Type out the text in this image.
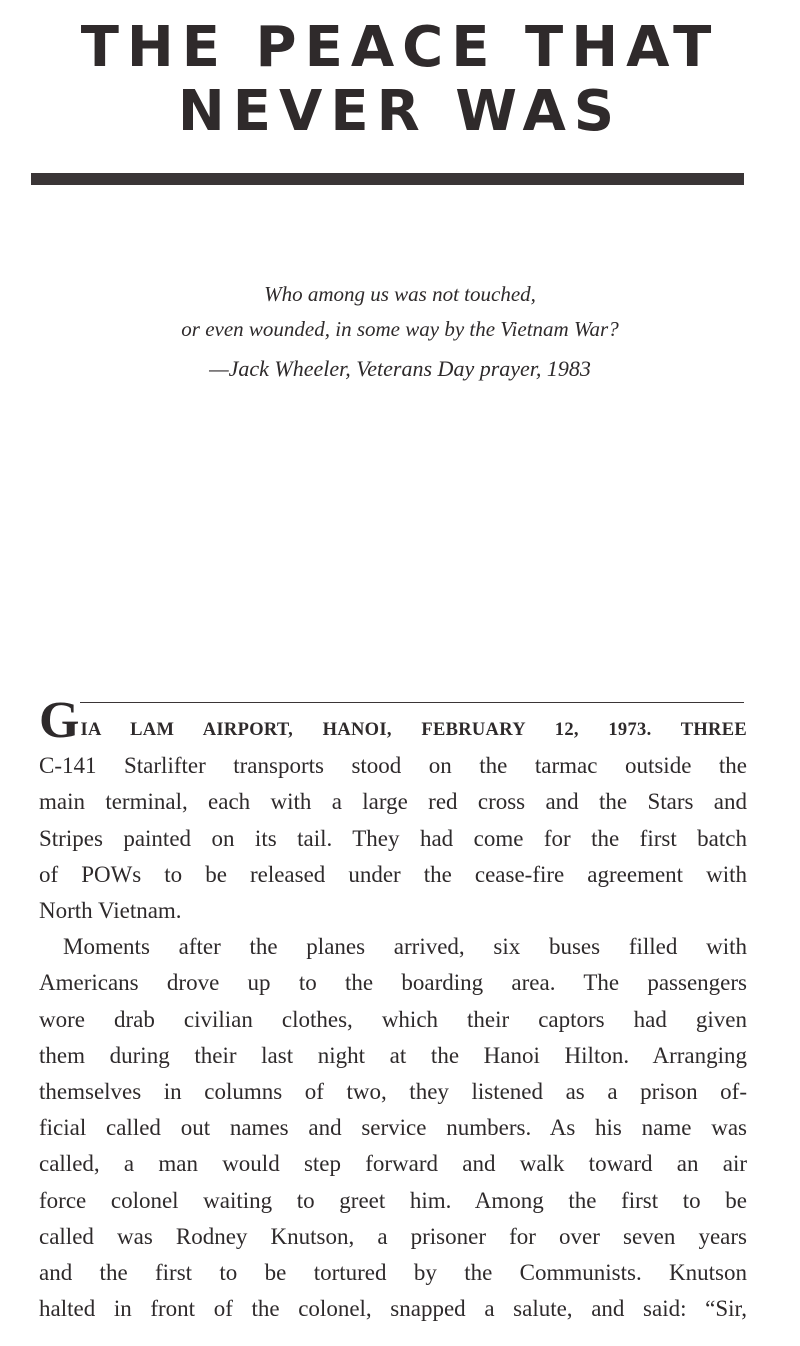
THE PEACE THAT
NEVER WAS

Who among us was not touched,

or even wounded, in some way by the Vietnam War?

—Jack Wheeler, Veterans Day prayer, 1983

GIA LAM AIRPORT, HANOI, FEBRUARY 12, 1973. THREE
C-141 Starlifter transports stood on the tarmac outside the
main terminal, each with a large red cross and the Stars and
Stripes painted on its tail. They had come for the first batch
of POWs to be released under the cease-fire agreement with
North Vietnam.
Moments after the planes arrived, six buses filled with
Americans drove up to the boarding area. The passengers
wore drab civilian clothes, which their captors had given
them during their last night at the Hanoi Hilton. Arranging
themselves in columns of two, they listened as a prison of-
ficial called out names and service numbers. As his name was
called, a man would step forward and walk toward an air
force colonel waiting to greet him. Among the first to be
called was Rodney Knutson, a prisoner for over seven years
and the first to be tortured by the Communists. Knutson
halted in front of the colonel, snapped a salute, and said: “Sir,
